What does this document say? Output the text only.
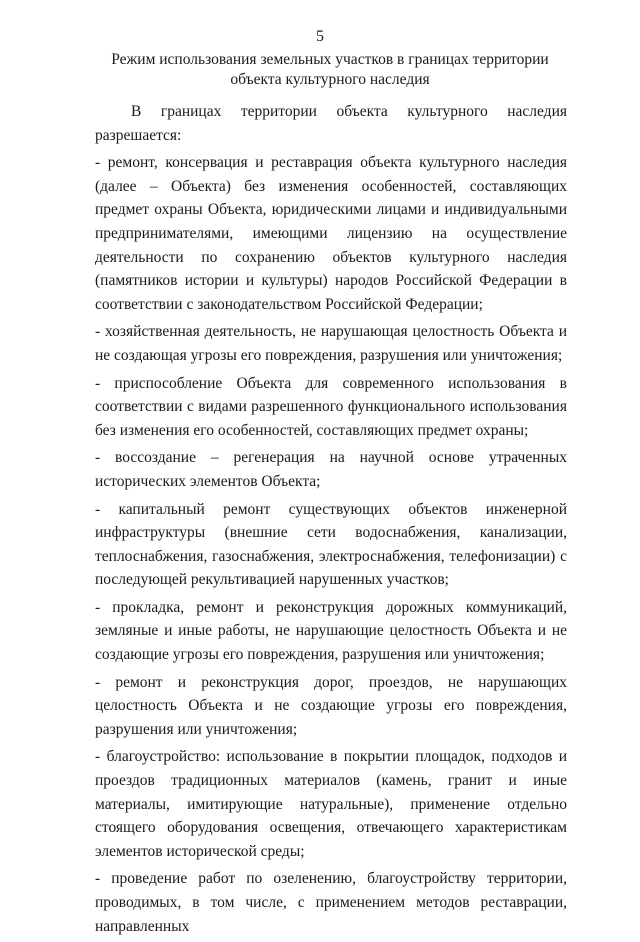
5
Режим использования земельных участков в границах территории объекта культурного наследия

В границах территории объекта культурного наследия разрешается:

- ремонт, консервация и реставрация объекта культурного наследия (далее – Объекта) без изменения особенностей, составляющих предмет охраны Объекта, юридическими лицами и индивидуальными предпринимателями, имеющими лицензию на осуществление деятельности по сохранению объектов культурного наследия (памятников истории и культуры) народов Российской Федерации в соответствии с законодательством Российской Федерации;

- хозяйственная деятельность, не нарушающая целостность Объекта и не создающая угрозы его повреждения, разрушения или уничтожения;

- приспособление Объекта для современного использования в соответствии с видами разрешенного функционального использования без изменения его особенностей, составляющих предмет охраны;

- воссоздание – регенерация на научной основе утраченных исторических элементов Объекта;

- капитальный ремонт существующих объектов инженерной инфраструктуры (внешние сети водоснабжения, канализации, теплоснабжения, газоснабжения, электроснабжения, телефонизации) с последующей рекультивацией нарушенных участков;

- прокладка, ремонт и реконструкция дорожных коммуникаций, земляные и иные работы, не нарушающие целостность Объекта и не создающие угрозы его повреждения, разрушения или уничтожения;

- ремонт и реконструкция дорог, проездов, не нарушающих целостность Объекта и не создающие угрозы его повреждения, разрушения или уничтожения;

- благоустройство: использование в покрытии площадок, подходов и проездов традиционных материалов (камень, гранит и иные материалы, имитирующие натуральные), применение отдельно стоящего оборудования освещения, отвечающего характеристикам элементов исторической среды;

- проведение работ по озеленению, благоустройству территории, проводимых, в том числе, с применением методов реставрации, направленных
